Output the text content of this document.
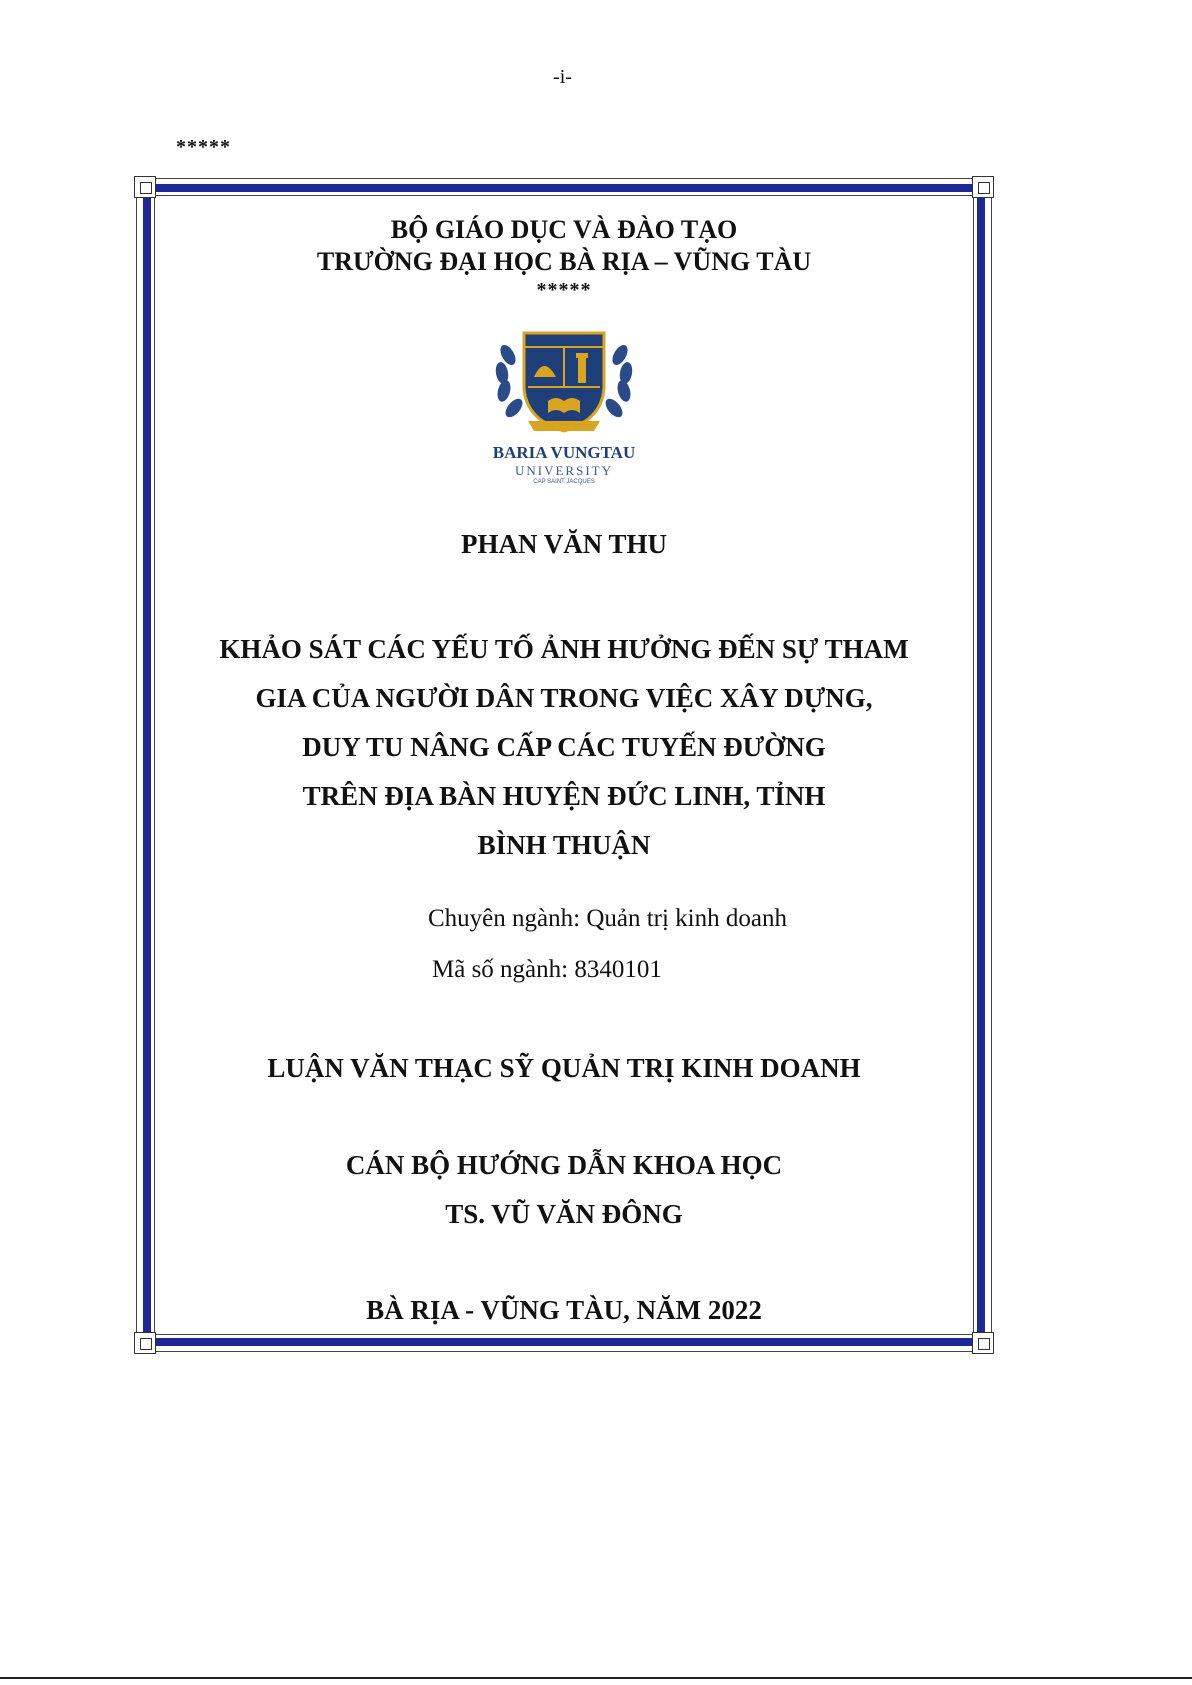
-i-
*****
BỘ GIÁO DỤC VÀ ĐÀO TẠO
TRƯỜNG ĐẠI HỌC BÀ RỊA – VŨNG TÀU
*****
BARIA VUNGTAU
UNIVERSITY
CAP SAINT JACQUES
PHAN VĂN THU
KHẢO SÁT CÁC YẾU TỐ ẢNH HƯỞNG ĐẾN SỰ THAM
GIA CỦA NGƯỜI DÂN TRONG VIỆC XÂY DỰNG,
DUY TU NÂNG CẤP CÁC TUYẾN ĐƯỜNG
TRÊN ĐỊA BÀN HUYỆN ĐỨC LINH, TỈNH
BÌNH THUẬN
Chuyên ngành: Quản trị kinh doanh
Mã số ngành: 8340101
LUẬN VĂN THẠC SỸ QUẢN TRỊ KINH DOANH
CÁN BỘ HƯỚNG DẪN KHOA HỌC
TS. VŨ VĂN ĐÔNG
BÀ RỊA - VŨNG TÀU, NĂM 2022
